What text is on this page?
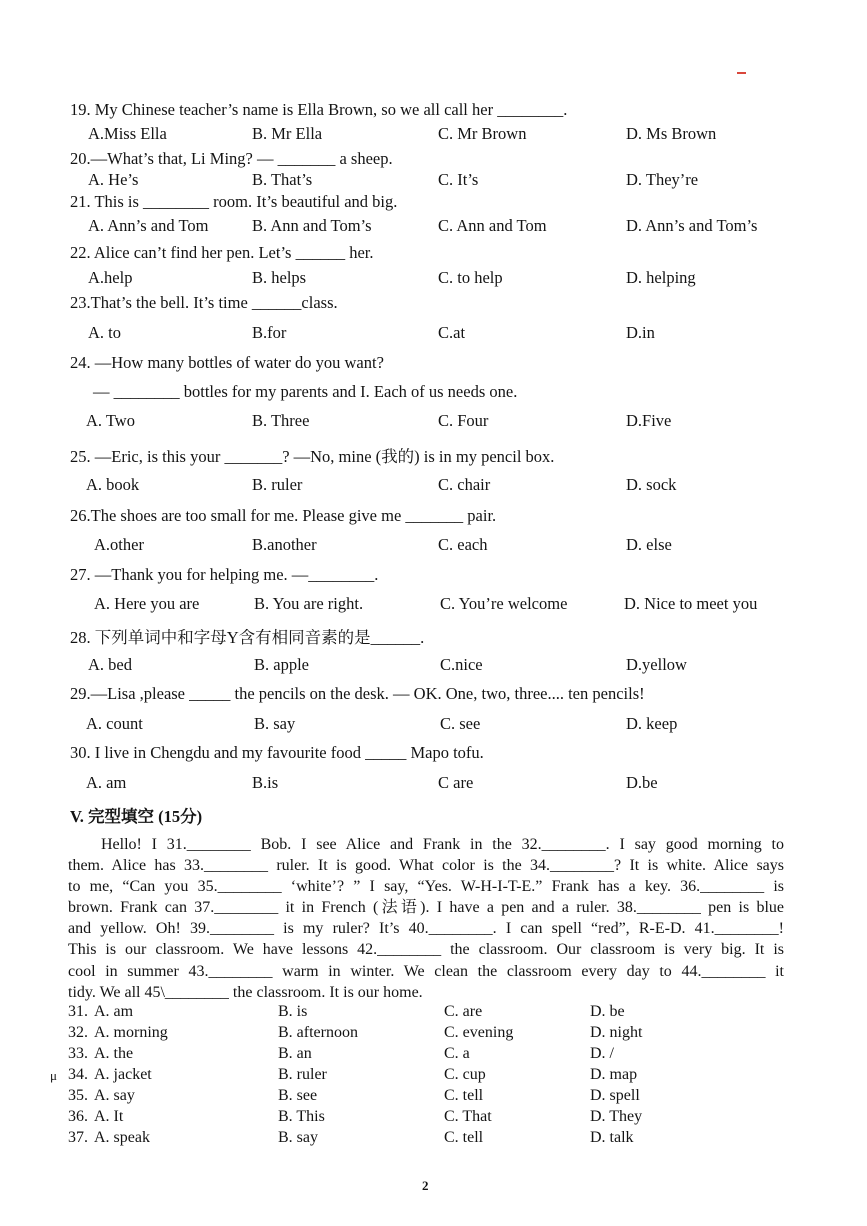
19. My Chinese teacher’s name is Ella Brown, so we all call her ________.
A.Miss Ella	B. Mr Ella	C. Mr Brown	D. Ms Brown
20.—What’s that, Li Ming? — _______ a sheep.
A. He’s	B. That’s	C. It’s	D. They’re
21. This is ________ room. It’s beautiful and big.
A. Ann’s and Tom	B. Ann and Tom’s	C. Ann and Tom	D. Ann’s and Tom’s
22. Alice can’t find her pen. Let’s ______ her.
A.help	B. helps	C. to help	D. helping
23.That’s the bell. It’s time ______class.
A. to	B.for	C.at	D.in
24. —How many bottles of water do you want?
— ________ bottles for my parents and I. Each of us needs one.
A. Two	B. Three	C. Four	D.Five
25. —Eric, is this your _______? —No, mine (我的) is in my pencil box.
A. book	B. ruler	C. chair	D. sock
26.The shoes are too small for me. Please give me _______ pair.
A.other	B.another	C. each	D. else
27. —Thank you for helping me. —________.
A. Here you are	B. You are right.	C. You’re welcome	D. Nice to meet you
28. 下列单词中和字母Y含有相同音素的是______.
A. bed	B. apple	C.nice	D.yellow
29.—Lisa ,please _____ the pencils on the desk. — OK. One, two, three.... ten pencils!
A. count	B. say	C. see	D. keep
30. I live in Chengdu and my favourite food _____ Mapo tofu.
A. am	B.is	C are	D.be
V. 完型填空 (15分)
Hello! I 31.________ Bob. I see Alice and Frank in the 32.________. I say good morning to
them. Alice has 33.________ ruler. It is good. What color is the 34.________? It is white. Alice says
to me, “Can you 35.________ ‘white’? ” I say, “Yes. W-H-I-T-E.” Frank has a key. 36.________ is
brown. Frank can 37.________ it in French (法语). I have a pen and a ruler. 38.________ pen is blue
and yellow. Oh! 39.________ is my ruler? It’s 40.________. I can spell “red”, R-E-D. 41.________!
This is our classroom. We have lessons 42.________ the classroom. Our classroom is very big. It is
cool in summer 43.________ warm in winter. We clean the classroom every day to 44.________ it
tidy. We all 45\________ the classroom. It is our home.
31. A. am	B. is	C. are	D. be
32. A. morning	B. afternoon	C. evening	D. night
33. A. the	B. an	C. a	D. /
μ 34. A. jacket	B. ruler	C. cup	D. map
35. A. say	B. see	C. tell	D. spell
36. A. It	B. This	C. That	D. They
37. A. speak	B. say	C. tell	D. talk
2
